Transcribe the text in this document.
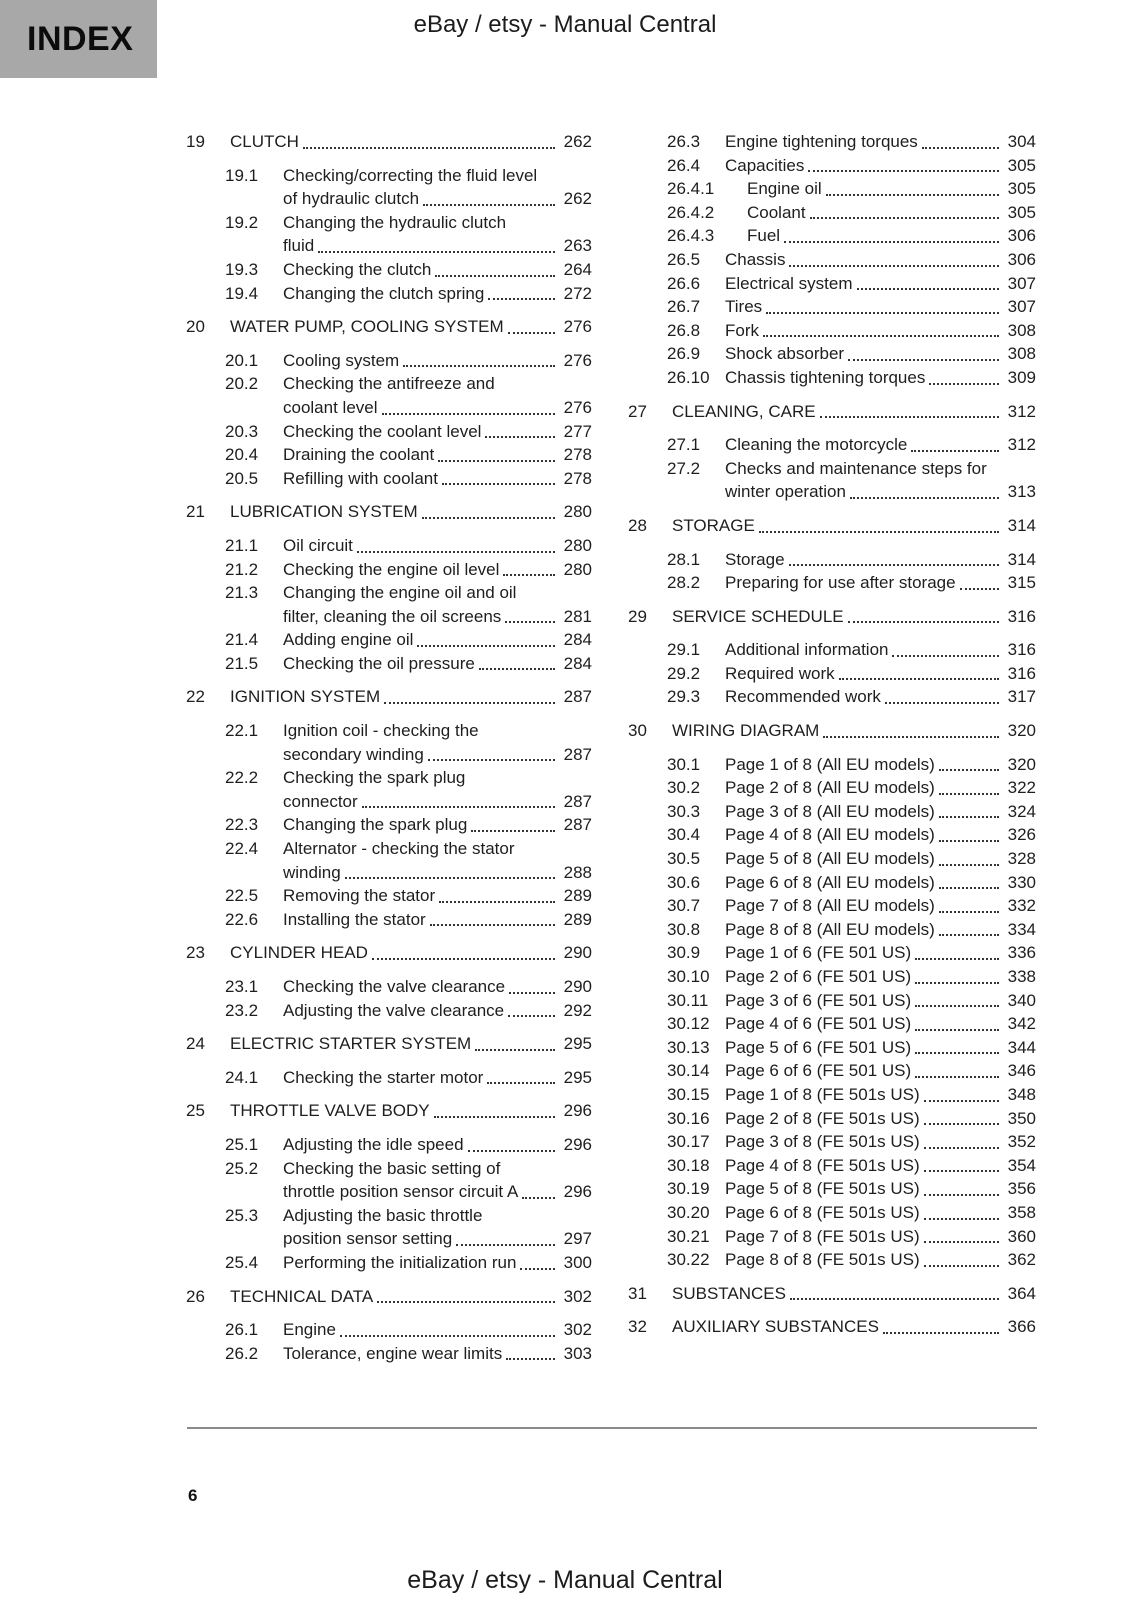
INDEX	eBay / etsy - Manual Central
19	CLUTCH	262
19.1	Checking/correcting the fluid level
of hydraulic clutch	262
19.2	Changing the hydraulic clutch
fluid	263
19.3	Checking the clutch	264
19.4	Changing the clutch spring	272
20	WATER PUMP, COOLING SYSTEM	276
20.1	Cooling system	276
20.2	Checking the antifreeze and
coolant level	276
20.3	Checking the coolant level	277
20.4	Draining the coolant	278
20.5	Refilling with coolant	278
21	LUBRICATION SYSTEM	280
21.1	Oil circuit	280
21.2	Checking the engine oil level	280
21.3	Changing the engine oil and oil
filter, cleaning the oil screens	281
21.4	Adding engine oil	284
21.5	Checking the oil pressure	284
22	IGNITION SYSTEM	287
22.1	Ignition coil - checking the
secondary winding	287
22.2	Checking the spark plug
connector	287
22.3	Changing the spark plug	287
22.4	Alternator - checking the stator
winding	288
22.5	Removing the stator	289
22.6	Installing the stator	289
23	CYLINDER HEAD	290
23.1	Checking the valve clearance	290
23.2	Adjusting the valve clearance	292
24	ELECTRIC STARTER SYSTEM	295
24.1	Checking the starter motor	295
25	THROTTLE VALVE BODY	296
25.1	Adjusting the idle speed	296
25.2	Checking the basic setting of
throttle position sensor circuit A	296
25.3	Adjusting the basic throttle
position sensor setting	297
25.4	Performing the initialization run	300
26	TECHNICAL DATA	302
26.1	Engine	302
26.2	Tolerance, engine wear limits	303
26.3	Engine tightening torques	304
26.4	Capacities	305
26.4.1	Engine oil	305
26.4.2	Coolant	305
26.4.3	Fuel	306
26.5	Chassis	306
26.6	Electrical system	307
26.7	Tires	307
26.8	Fork	308
26.9	Shock absorber	308
26.10 Chassis tightening torques	309
27	CLEANING, CARE	312
27.1	Cleaning the motorcycle	312
27.2	Checks and maintenance steps for
winter operation	313
28	STORAGE	314
28.1	Storage	314
28.2	Preparing for use after storage	315
29	SERVICE SCHEDULE	316
29.1	Additional information	316
29.2	Required work	316
29.3	Recommended work	317
30	WIRING DIAGRAM	320
30.1	Page 1 of 8 (All EU models)	320
30.2	Page 2 of 8 (All EU models)	322
30.3	Page 3 of 8 (All EU models)	324
30.4	Page 4 of 8 (All EU models)	326
30.5	Page 5 of 8 (All EU models)	328
30.6	Page 6 of 8 (All EU models)	330
30.7	Page 7 of 8 (All EU models)	332
30.8	Page 8 of 8 (All EU models)	334
30.9	Page 1 of 6 (FE 501 US)	336
30.10 Page 2 of 6 (FE 501 US)	338
30.11 Page 3 of 6 (FE 501 US)	340
30.12 Page 4 of 6 (FE 501 US)	342
30.13 Page 5 of 6 (FE 501 US)	344
30.14 Page 6 of 6 (FE 501 US)	346
30.15 Page 1 of 8 (FE 501s US)	348
30.16 Page 2 of 8 (FE 501s US)	350
30.17 Page 3 of 8 (FE 501s US)	352
30.18 Page 4 of 8 (FE 501s US)	354
30.19 Page 5 of 8 (FE 501s US)	356
30.20 Page 6 of 8 (FE 501s US)	358
30.21 Page 7 of 8 (FE 501s US)	360
30.22 Page 8 of 8 (FE 501s US)	362
31	SUBSTANCES	364
32	AUXILIARY SUBSTANCES	366
6
eBay / etsy - Manual Central
